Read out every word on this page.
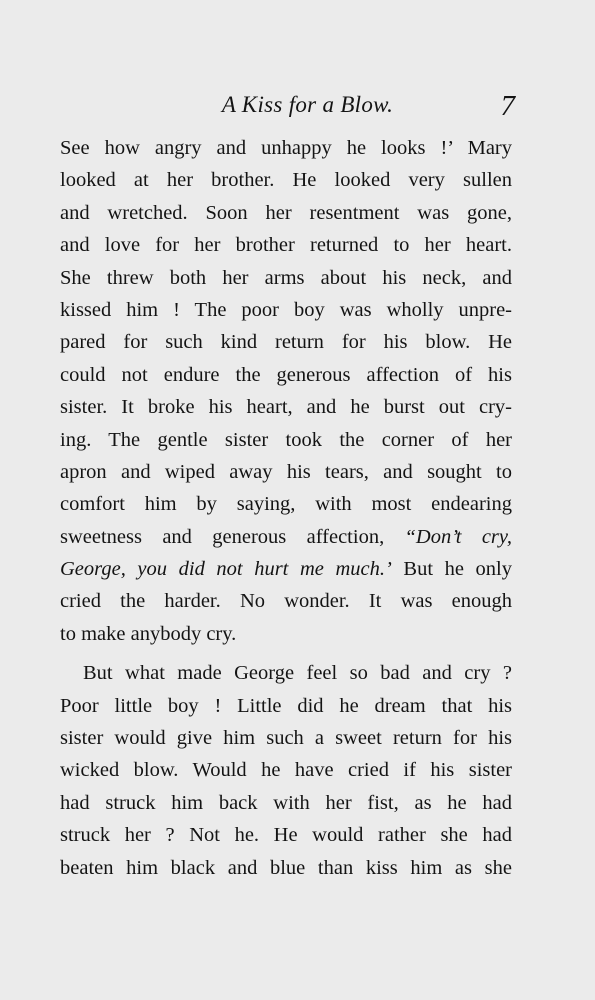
A Kiss for a Blow.	7
See how angry and unhappy he looks !’ Mary
looked at her brother. He looked very sullen
and wretched. Soon her resentment was gone,
and love for her brother returned to her heart.
She threw both her arms about his neck, and
kissed him ! The poor boy was wholly unpre-
pared for such kind return for his blow. He
could not endure the generous affection of his
sister. It broke his heart, and he burst out cry-
ing. The gentle sister took the corner of her
apron and wiped away his tears, and sought to
comfort him by saying, with most endearing
sweetness and generous affection, “Don’t cry,
George, you did not hurt me much.’ But he only
cried the harder. No wonder. It was enough
to make anybody cry.
But what made George feel so bad and cry ?
Poor little boy ! Little did he dream that his
sister would give him such a sweet return for his
wicked blow. Would he have cried if his sister
had struck him back with her fist, as he had
struck her ? Not he. He would rather she had
beaten him black and blue than kiss him as she
